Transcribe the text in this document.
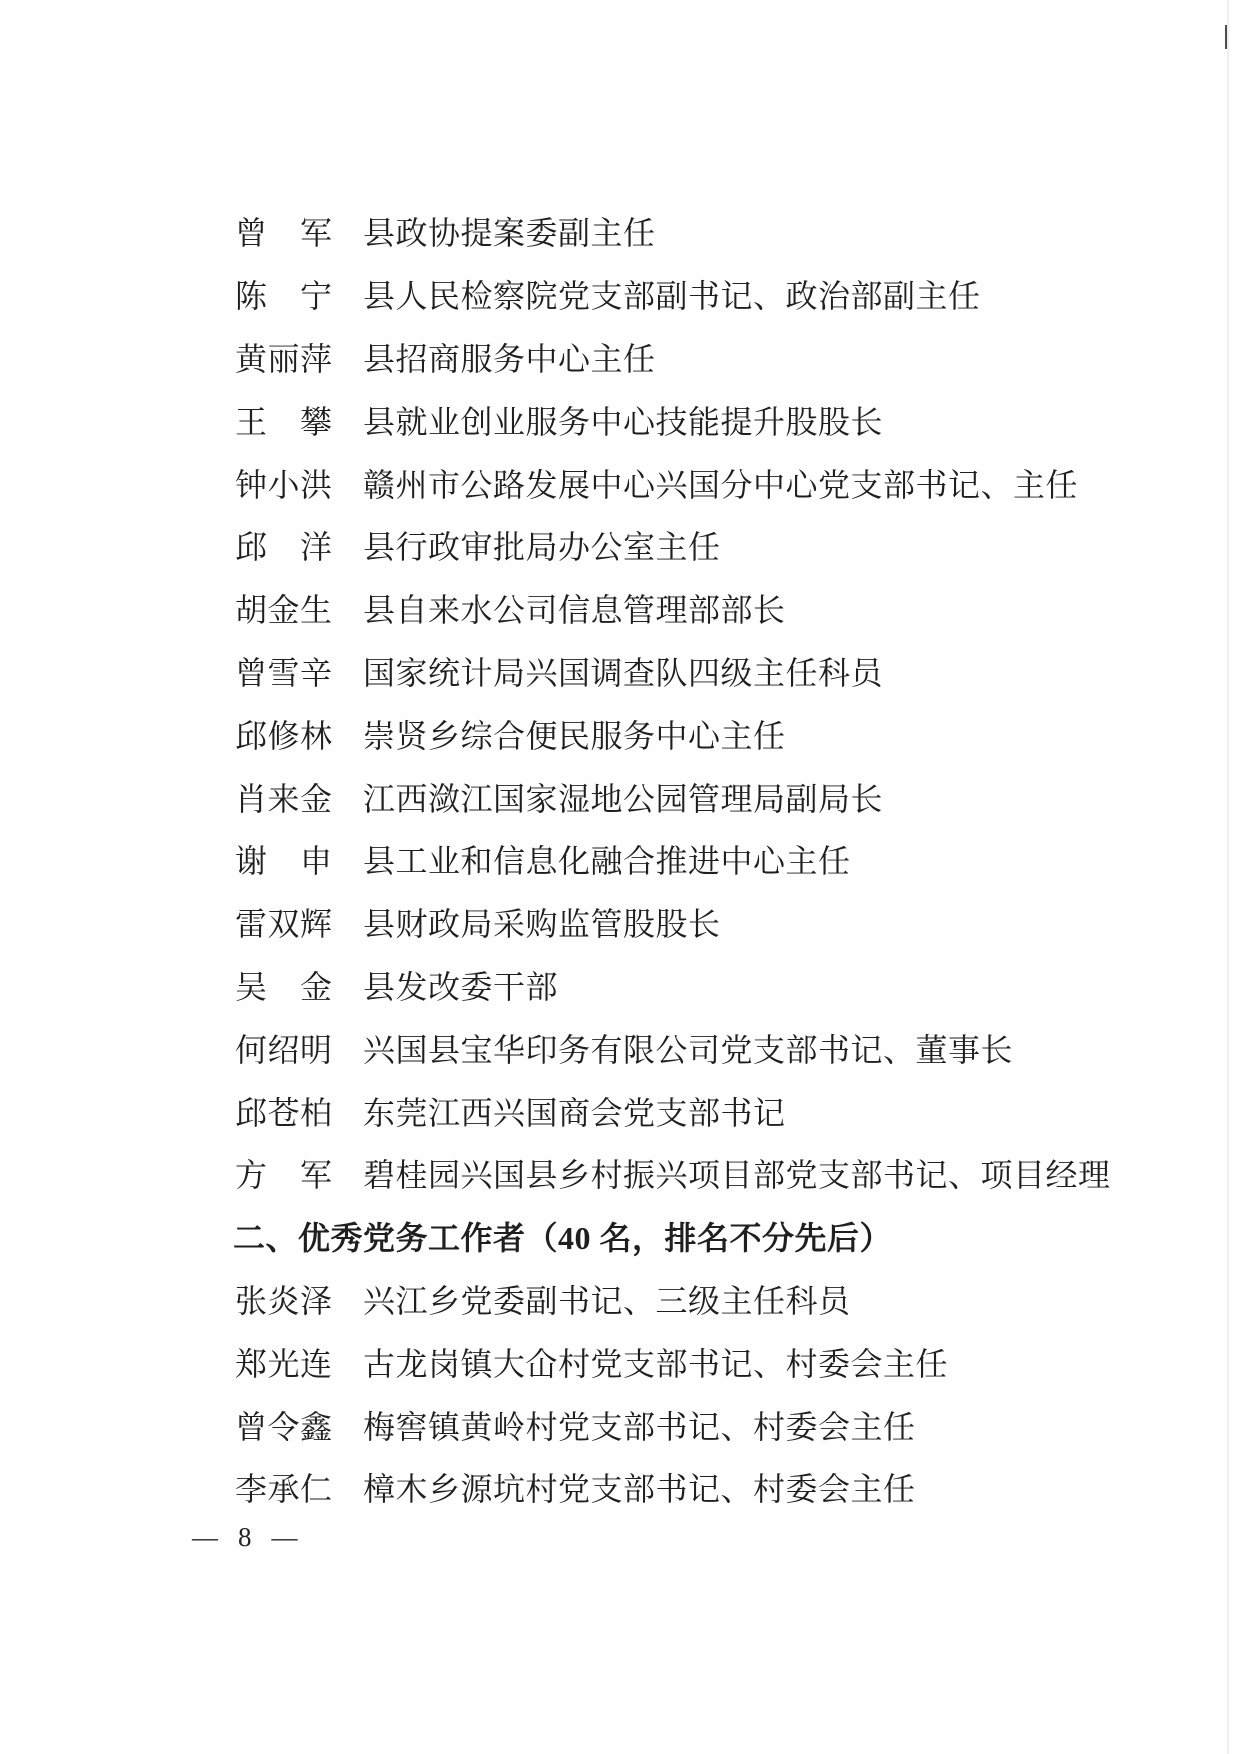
曾　军 县政协提案委副主任
陈　宁 县人民检察院党支部副书记、政治部副主任
黄丽萍 县招商服务中心主任
王　攀 县就业创业服务中心技能提升股股长
钟小洪 赣州市公路发展中心兴国分中心党支部书记、主任
邱　洋 县行政审批局办公室主任
胡金生 县自来水公司信息管理部部长
曾雪辛 国家统计局兴国调查队四级主任科员
邱修林 崇贤乡综合便民服务中心主任
肖来金 江西潋江国家湿地公园管理局副局长
谢　申 县工业和信息化融合推进中心主任
雷双辉 县财政局采购监管股股长
吴　金 县发改委干部
何绍明 兴国县宝华印务有限公司党支部书记、董事长
邱苍柏 东莞江西兴国商会党支部书记
方　军 碧桂园兴国县乡村振兴项目部党支部书记、项目经理
二、优秀党务工作者（40 名，排名不分先后）
张炎泽 兴江乡党委副书记、三级主任科员
郑光连 古龙岗镇大仚村党支部书记、村委会主任
曾令鑫 梅窖镇黄岭村党支部书记、村委会主任
李承仁 樟木乡源坑村党支部书记、村委会主任
— 8 —
